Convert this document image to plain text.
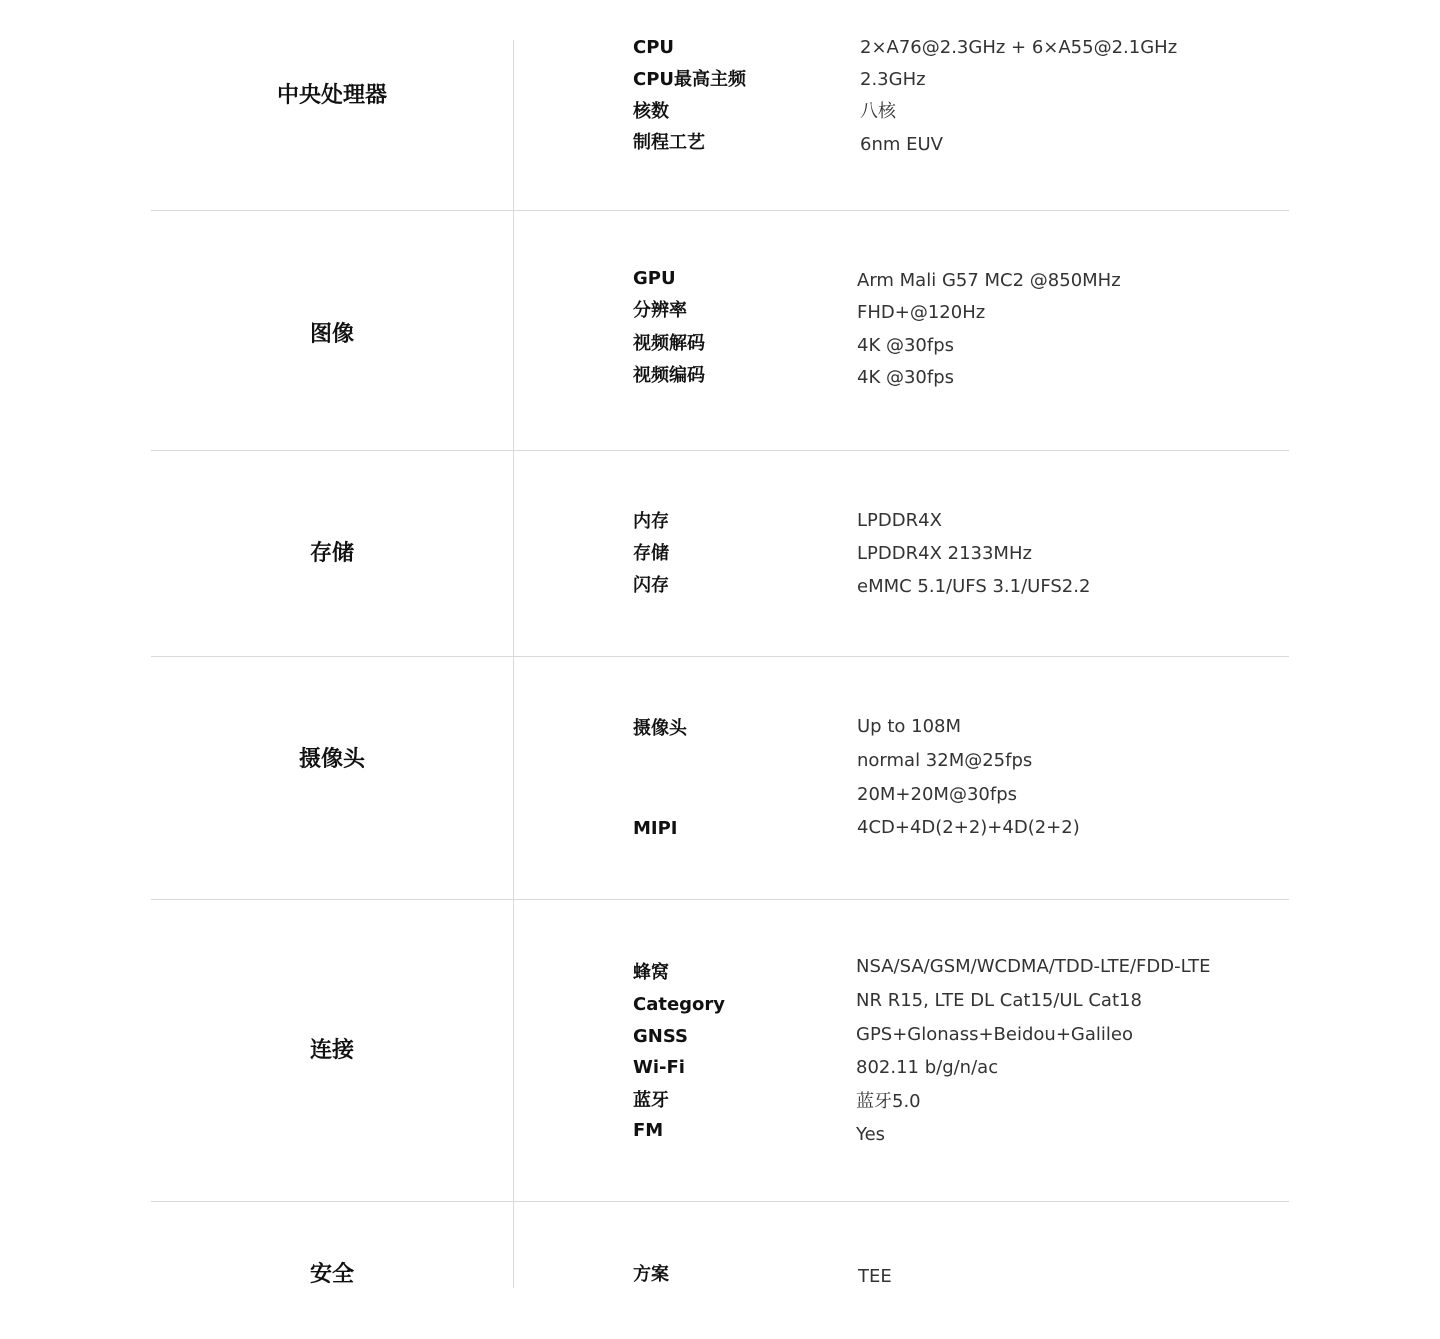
中央处理器
CPU	2×A76@2.3GHz + 6×A55@2.1GHz
CPU最高主频	2.3GHz
核数	八核
制程工艺	6nm EUV
图像
GPU	Arm Mali G57 MC2 @850MHz
分辨率	FHD+@120Hz
视频解码	4K @30fps
视频编码	4K @30fps
存储
内存	LPDDR4X
存储	LPDDR4X 2133MHz
闪存	eMMC 5.1/UFS 3.1/UFS2.2
摄像头
摄像头	Up to 108M
normal 32M@25fps
20M+20M@30fps
MIPI	4CD+4D(2+2)+4D(2+2)
连接
蜂窝	NSA/SA/GSM/WCDMA/TDD-LTE/FDD-LTE
Category	NR R15, LTE DL Cat15/UL Cat18
GNSS	GPS+Glonass+Beidou+Galileo
Wi-Fi	802.11 b/g/n/ac
蓝牙	蓝牙5.0
FM	Yes
安全	方案	TEE
